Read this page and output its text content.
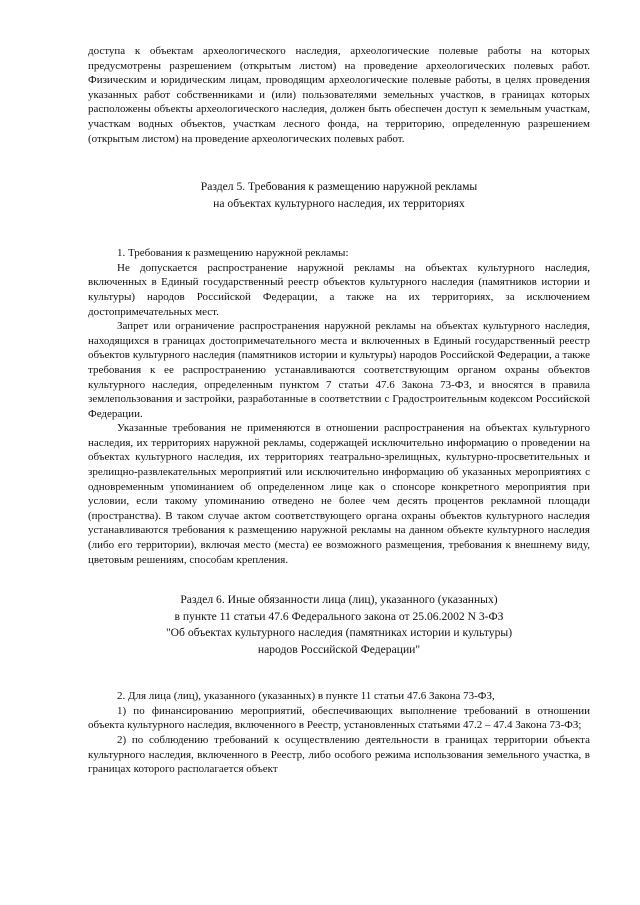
доступа к объектам археологического наследия, археологические полевые работы на которых предусмотрены разрешением (открытым листом) на проведение археологических полевых работ. Физическим и юридическим лицам, проводящим археологические полевые работы, в целях проведения указанных работ собственниками и (или) пользователями земельных участков, в границах которых расположены объекты археологического наследия, должен быть обеспечен доступ к земельным участкам, участкам водных объектов, участкам лесного фонда, на территорию, определенную разрешением (открытым листом) на проведение археологических полевых работ.

Раздел 5. Требования к размещению наружной рекламы

на объектах культурного наследия, их территориях

1. Требования к размещению наружной рекламы:

Не допускается распространение наружной рекламы на объектах культурного наследия, включенных в Единый государственный реестр объектов культурного наследия (памятников истории и культуры) народов Российской Федерации, а также на их территориях, за исключением достопримечательных мест.

Запрет или ограничение распространения наружной рекламы на объектах культурного наследия, находящихся в границах достопримечательного места и включенных в Единый государственный реестр объектов культурного наследия (памятников истории и культуры) народов Российской Федерации, а также требования к ее распространению устанавливаются соответствующим органом охраны объектов культурного наследия, определенным пунктом 7 статьи 47.6 Закона 73-ФЗ, и вносятся в правила землепользования и застройки, разработанные в соответствии с Градостроительным кодексом Российской Федерации.

Указанные требования не применяются в отношении распространения на объектах культурного наследия, их территориях наружной рекламы, содержащей исключительно информацию о проведении на объектах культурного наследия, их территориях театрально-зрелищных, культурно-просветительных и зрелищно-развлекательных мероприятий или исключительно информацию об указанных мероприятиях с одновременным упоминанием об определенном лице как о спонсоре конкретного мероприятия при условии, если такому упоминанию отведено не более чем десять процентов рекламной площади (пространства). В таком случае актом соответствующего органа охраны объектов культурного наследия устанавливаются требования к размещению наружной рекламы на данном объекте культурного наследия (либо его территории), включая место (места) ее возможного размещения, требования к внешнему виду, цветовым решениям, способам крепления.

Раздел 6. Иные обязанности лица (лиц), указанного (указанных)

в пункте 11 статьи 47.6 Федерального закона от 25.06.2002 N 3-ФЗ

"Об объектах культурного наследия (памятниках истории и культуры)

народов Российской Федерации"

2. Для лица (лиц), указанного (указанных) в пункте 11 статьи 47.6 Закона 73-ФЗ,

1) по финансированию мероприятий, обеспечивающих выполнение требований в отношении объекта культурного наследия, включенного в Реестр, установленных статьями 47.2 – 47.4 Закона 73-ФЗ;

2) по соблюдению требований к осуществлению деятельности в границах территории объекта культурного наследия, включенного в Реестр, либо особого режима использования земельного участка, в границах которого располагается объект
